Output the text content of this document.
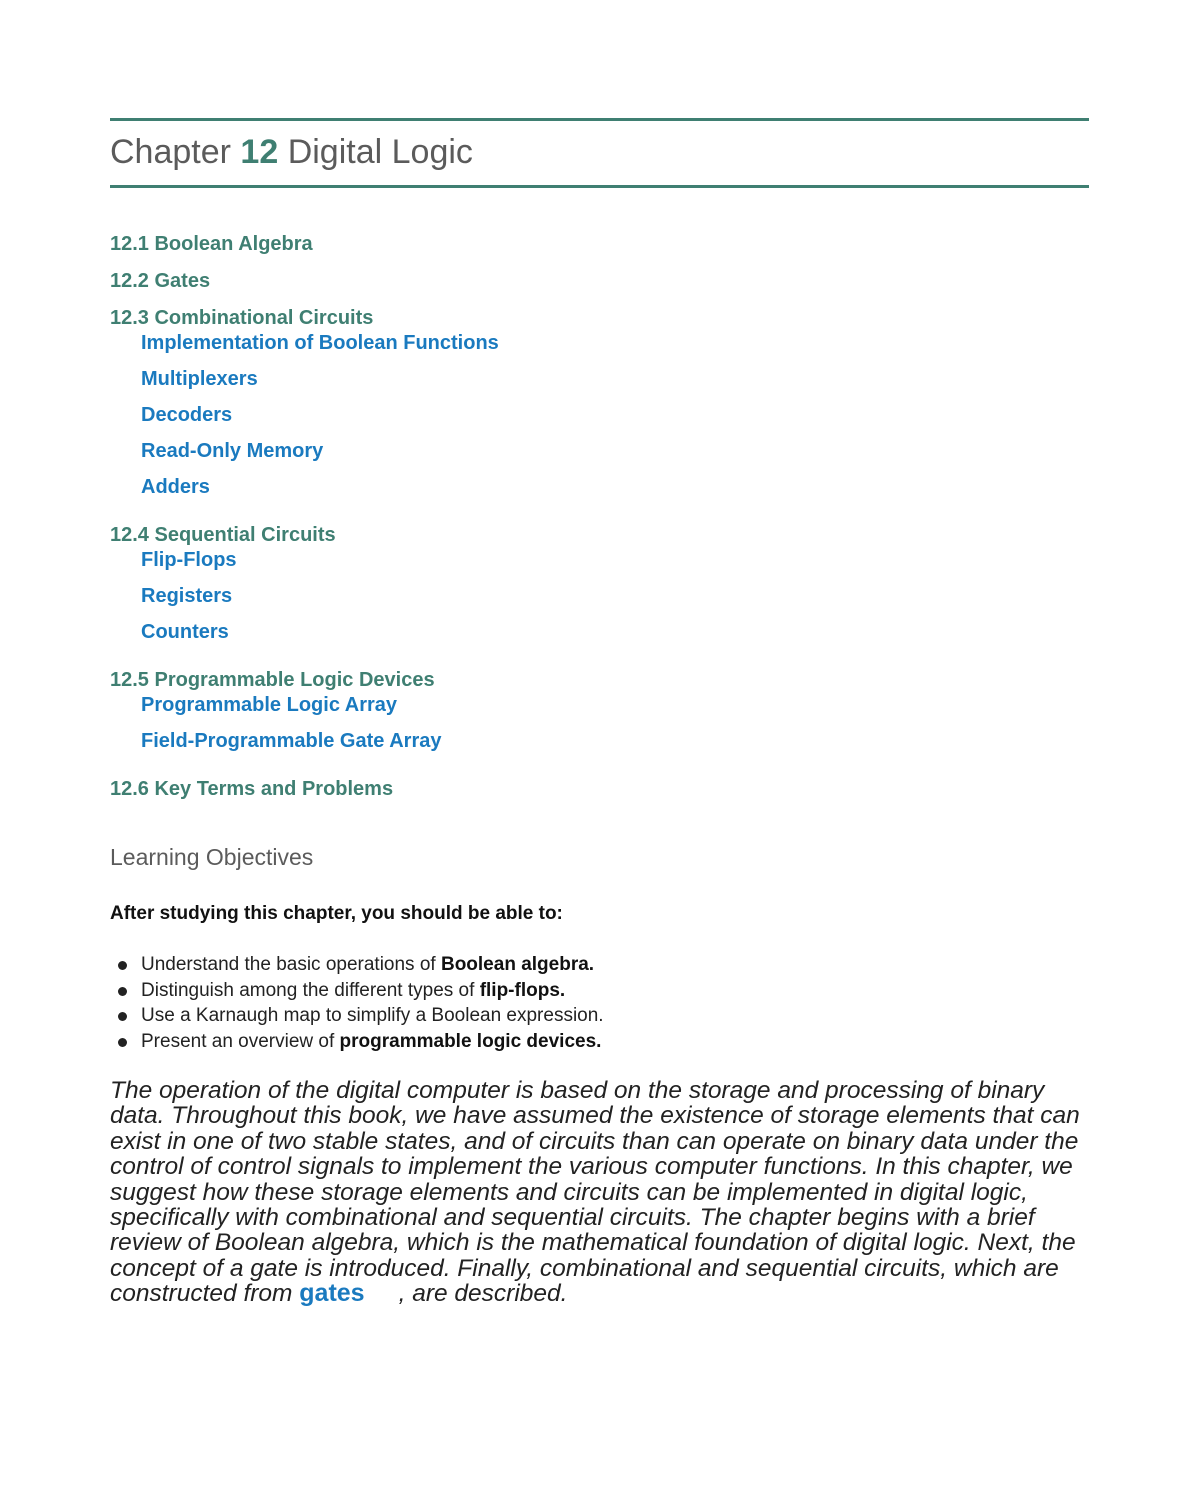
Chapter 12 Digital Logic
12.1 Boolean Algebra
12.2 Gates
12.3 Combinational Circuits
Implementation of Boolean Functions
Multiplexers
Decoders
Read-Only Memory
Adders
12.4 Sequential Circuits
Flip-Flops
Registers
Counters
12.5 Programmable Logic Devices
Programmable Logic Array
Field-Programmable Gate Array
12.6 Key Terms and Problems
Learning Objectives
After studying this chapter, you should be able to:
Understand the basic operations of Boolean algebra.
Distinguish among the different types of flip-flops.
Use a Karnaugh map to simplify a Boolean expression.
Present an overview of programmable logic devices.

The operation of the digital computer is based on the storage and processing of binary data. Throughout this book, we have assumed the existence of storage elements that can exist in one of two stable states, and of circuits than can operate on binary data under the control of control signals to implement the various computer functions. In this chapter, we suggest how these storage elements and circuits can be implemented in digital logic, specifically with combinational and sequential circuits. The chapter begins with a brief review of Boolean algebra, which is the mathematical foundation of digital logic. Next, the concept of a gate is introduced. Finally, combinational and sequential circuits, which are constructed from gates , are described.
